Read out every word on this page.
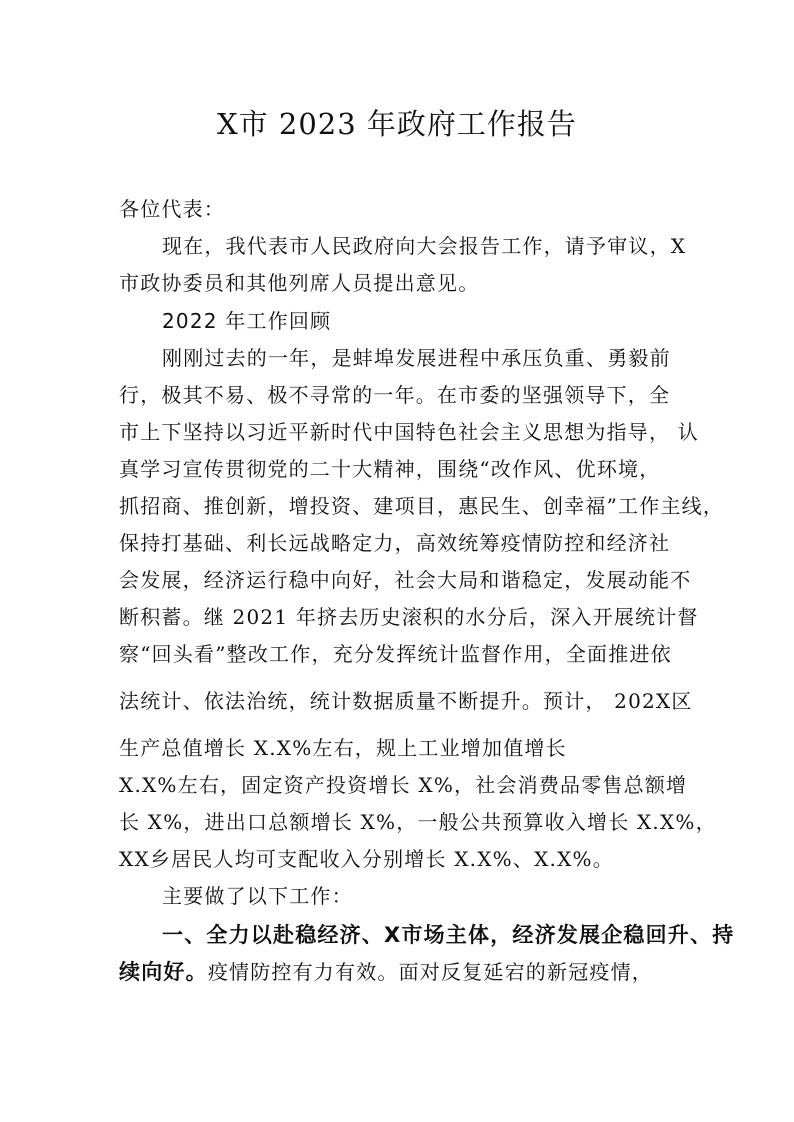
X市 2023 年政府工作报告
各位代表：
现在，我代表市人民政府向大会报告工作，请予审议，X
市政协委员和其他列席人员提出意见。
2022 年工作回顾
刚刚过去的一年，是蚌埠发展进程中承压负重、勇毅前
行，极其不易、极不寻常的一年。在市委的坚强领导下，全
市上下坚持以习近平新时代中国特色社会主义思想为指导， 认
真学习宣传贯彻党的二十大精神，围绕“改作风、优环境，
抓招商、推创新，增投资、建项目，惠民生、创幸福”工作主线，
保持打基础、利长远战略定力，高效统筹疫情防控和经济社
会发展，经济运行稳中向好，社会大局和谐稳定，发展动能不
断积蓄。继 2021 年挤去历史滚积的水分后，深入开展统计督
察“回头看”整改工作，充分发挥统计监督作用，全面推进依
法统计、依法治统，统计数据质量不断提升。预计， 202X区
生产总值增长 X.X%左右，规上工业增加值增长
X.X%左右，固定资产投资增长 X%，社会消费品零售总额增
长 X%，进出口总额增长 X%，一般公共预算收入增长 X.X%，
XX乡居民人均可支配收入分别增长 X.X%、X.X%。
主要做了以下工作：
一、全力以赴稳经济、X市场主体，经济发展企稳回升、持
续向好。疫情防控有力有效。面对反复延宕的新冠疫情，
